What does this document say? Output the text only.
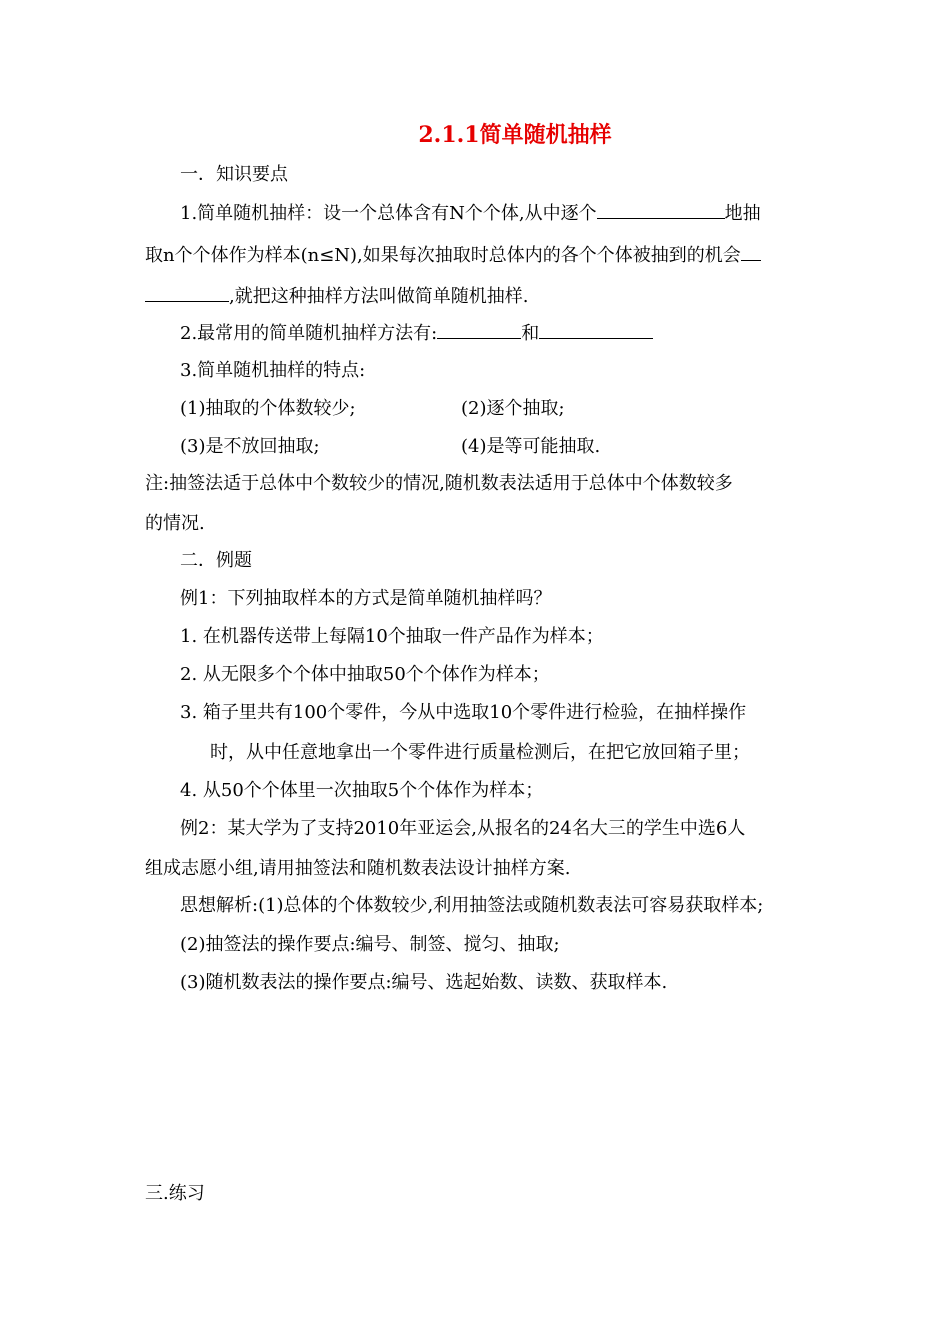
2.1.1简单随机抽样
一．知识要点
1.简单随机抽样：设一个总体含有N个个体,从中逐个	地抽
取n个个体作为样本(n≤N),如果每次抽取时总体内的各个个体被抽到的机会
,就把这种抽样方法叫做简单随机抽样.
2.最常用的简单随机抽样方法有:	和
3.简单随机抽样的特点:
(1)抽取的个体数较少;	(2)逐个抽取;
(3)是不放回抽取;	(4)是等可能抽取.
注:抽签法适于总体中个数较少的情况,随机数表法适用于总体中个体数较多
的情况.
二．例题
例1：下列抽取样本的方式是简单随机抽样吗？
1. 在机器传送带上每隔10个抽取一件产品作为样本；
2. 从无限多个个体中抽取50个个体作为样本；
3. 箱子里共有100个零件，今从中选取10个零件进行检验，在抽样操作
时，从中任意地拿出一个零件进行质量检测后，在把它放回箱子里；
4. 从50个个体里一次抽取5个个体作为样本；
例2：某大学为了支持2010年亚运会,从报名的24名大三的学生中选6人
组成志愿小组,请用抽签法和随机数表法设计抽样方案.
思想解析:(1)总体的个体数较少,利用抽签法或随机数表法可容易获取样本;
(2)抽签法的操作要点:编号、制签、搅匀、抽取;
(3)随机数表法的操作要点:编号、选起始数、读数、获取样本.
三.练习
